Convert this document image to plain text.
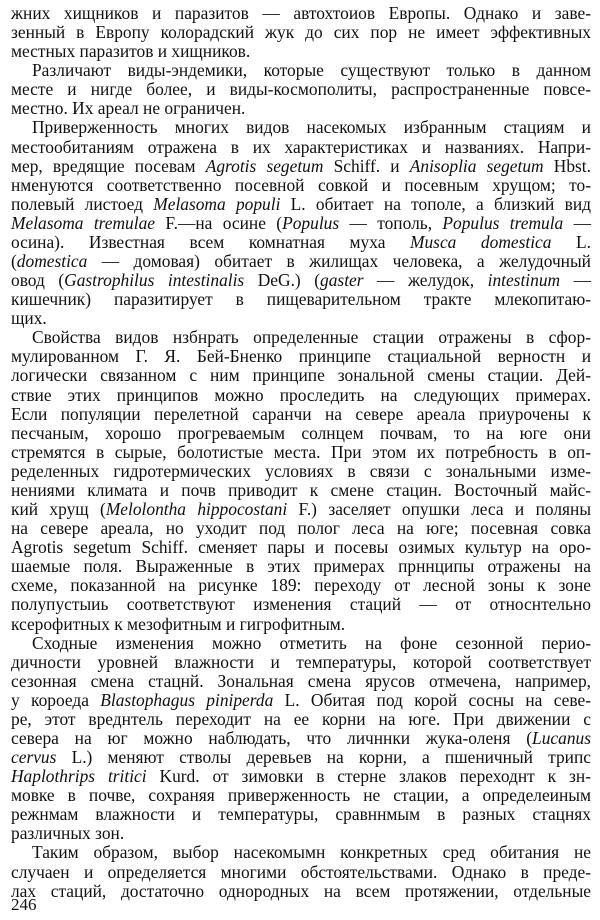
жних хищников и паразитов — автохтоиов Европы. Однако и заве-
зенный в Европу колорадский жук до сих пор не имеет эффективных
местных паразитов и хищников.
Различают виды-эндемики, которые существуют только в данном
месте и нигде более, и виды-космополиты, распространенные повсе-
местно. Их ареал не ограничен.
Приверженность многих видов насекомых избранным стациям и
местообитаниям отражена в их характеристиках и названиях. Напри-
мер, вредящие посевам Agrotis segetum Schiff. и Anisoplia segetum Hbst.
нменуются соответственно посевной совкой и посевным хрущом; то-
полевый листоед Melasoma populi L. обитает на тополе, а близкий вид
Melasoma tremulae F.—на осине (Populus — тополь, Populus tremula —
осина). Известная всем комнатная муха Musca domestica L.
(domestica — домовая) обитает в жилищах человека, а желудочный
овод (Gastrophilus intestinalis DeG.) (gaster — желудок, intestinum —
кишечник) паразитирует в пищеварительном тракте млекопитаю-
щих.
Свойства видов нзбнрать определенные стации отражены в сфор-
мулированном Г. Я. Бей-Бненко принципе стациальной верностн и
логически связанном с ним принципе зональной смены стации. Дей-
ствие этих принципов можно проследить на следующих примерах.
Если популяции перелетной саранчи на севере ареала приурочены к
песчаным, хорошо прогреваемым солнцем почвам, то на юге они
стремятся в сырые, болотистые места. При этом их потребность в оп-
ределенных гидротермических условиях в связи с зональными изме-
нениями климата и почв приводит к смене стацин. Восточный майс-
кий хрущ (Melolontha hippocostani F.) заселяет опушки леса и поляны
на севере ареала, но уходит под полог леса на юге; посевная совка
Agrotis segetum Schiff. сменяет пары и посевы озимых культур на оро-
шаемые поля. Выраженные в этих примерах прннципы отражены на
схеме, показанной на рисунке 189: переходу от лесной зоны к зоне
полупустыиь соответствуют изменения стаций — от относнтельно
ксерофитных к мезофитным и гигрофитным.
Сходные изменения можно отметить на фоне сезонной перио-
дичности уровней влажности и температуры, которой соответствует
сезонная смена стацнй. Зональная смена ярусов отмечена, например,
у короеда Blastophagus piniperda L. Обитая под корой сосны на севе-
ре, этот вреднтель переходит на ее корни на юге. При движении с
севера на юг можно наблюдать, что личннки жука-оленя (Lucanus
cervus L.) меняют стволы деревьев на корни, а пшеничный трипс
Haplothrips tritici Kurd. от зимовки в стерне злаков переходнт к зн-
мовке в почве, сохраняя приверженность не стации, а определеиным
режнмам влажности и температуры, сравннмым в разных стацнях
различных зон.
Таким образом, выбор насекомымн конкретных сред обитания не
случаен и определяется многими обстоятельствами. Однако в преде-
лах стаций, достаточно однородных на всем протяжении, отдельные
246
